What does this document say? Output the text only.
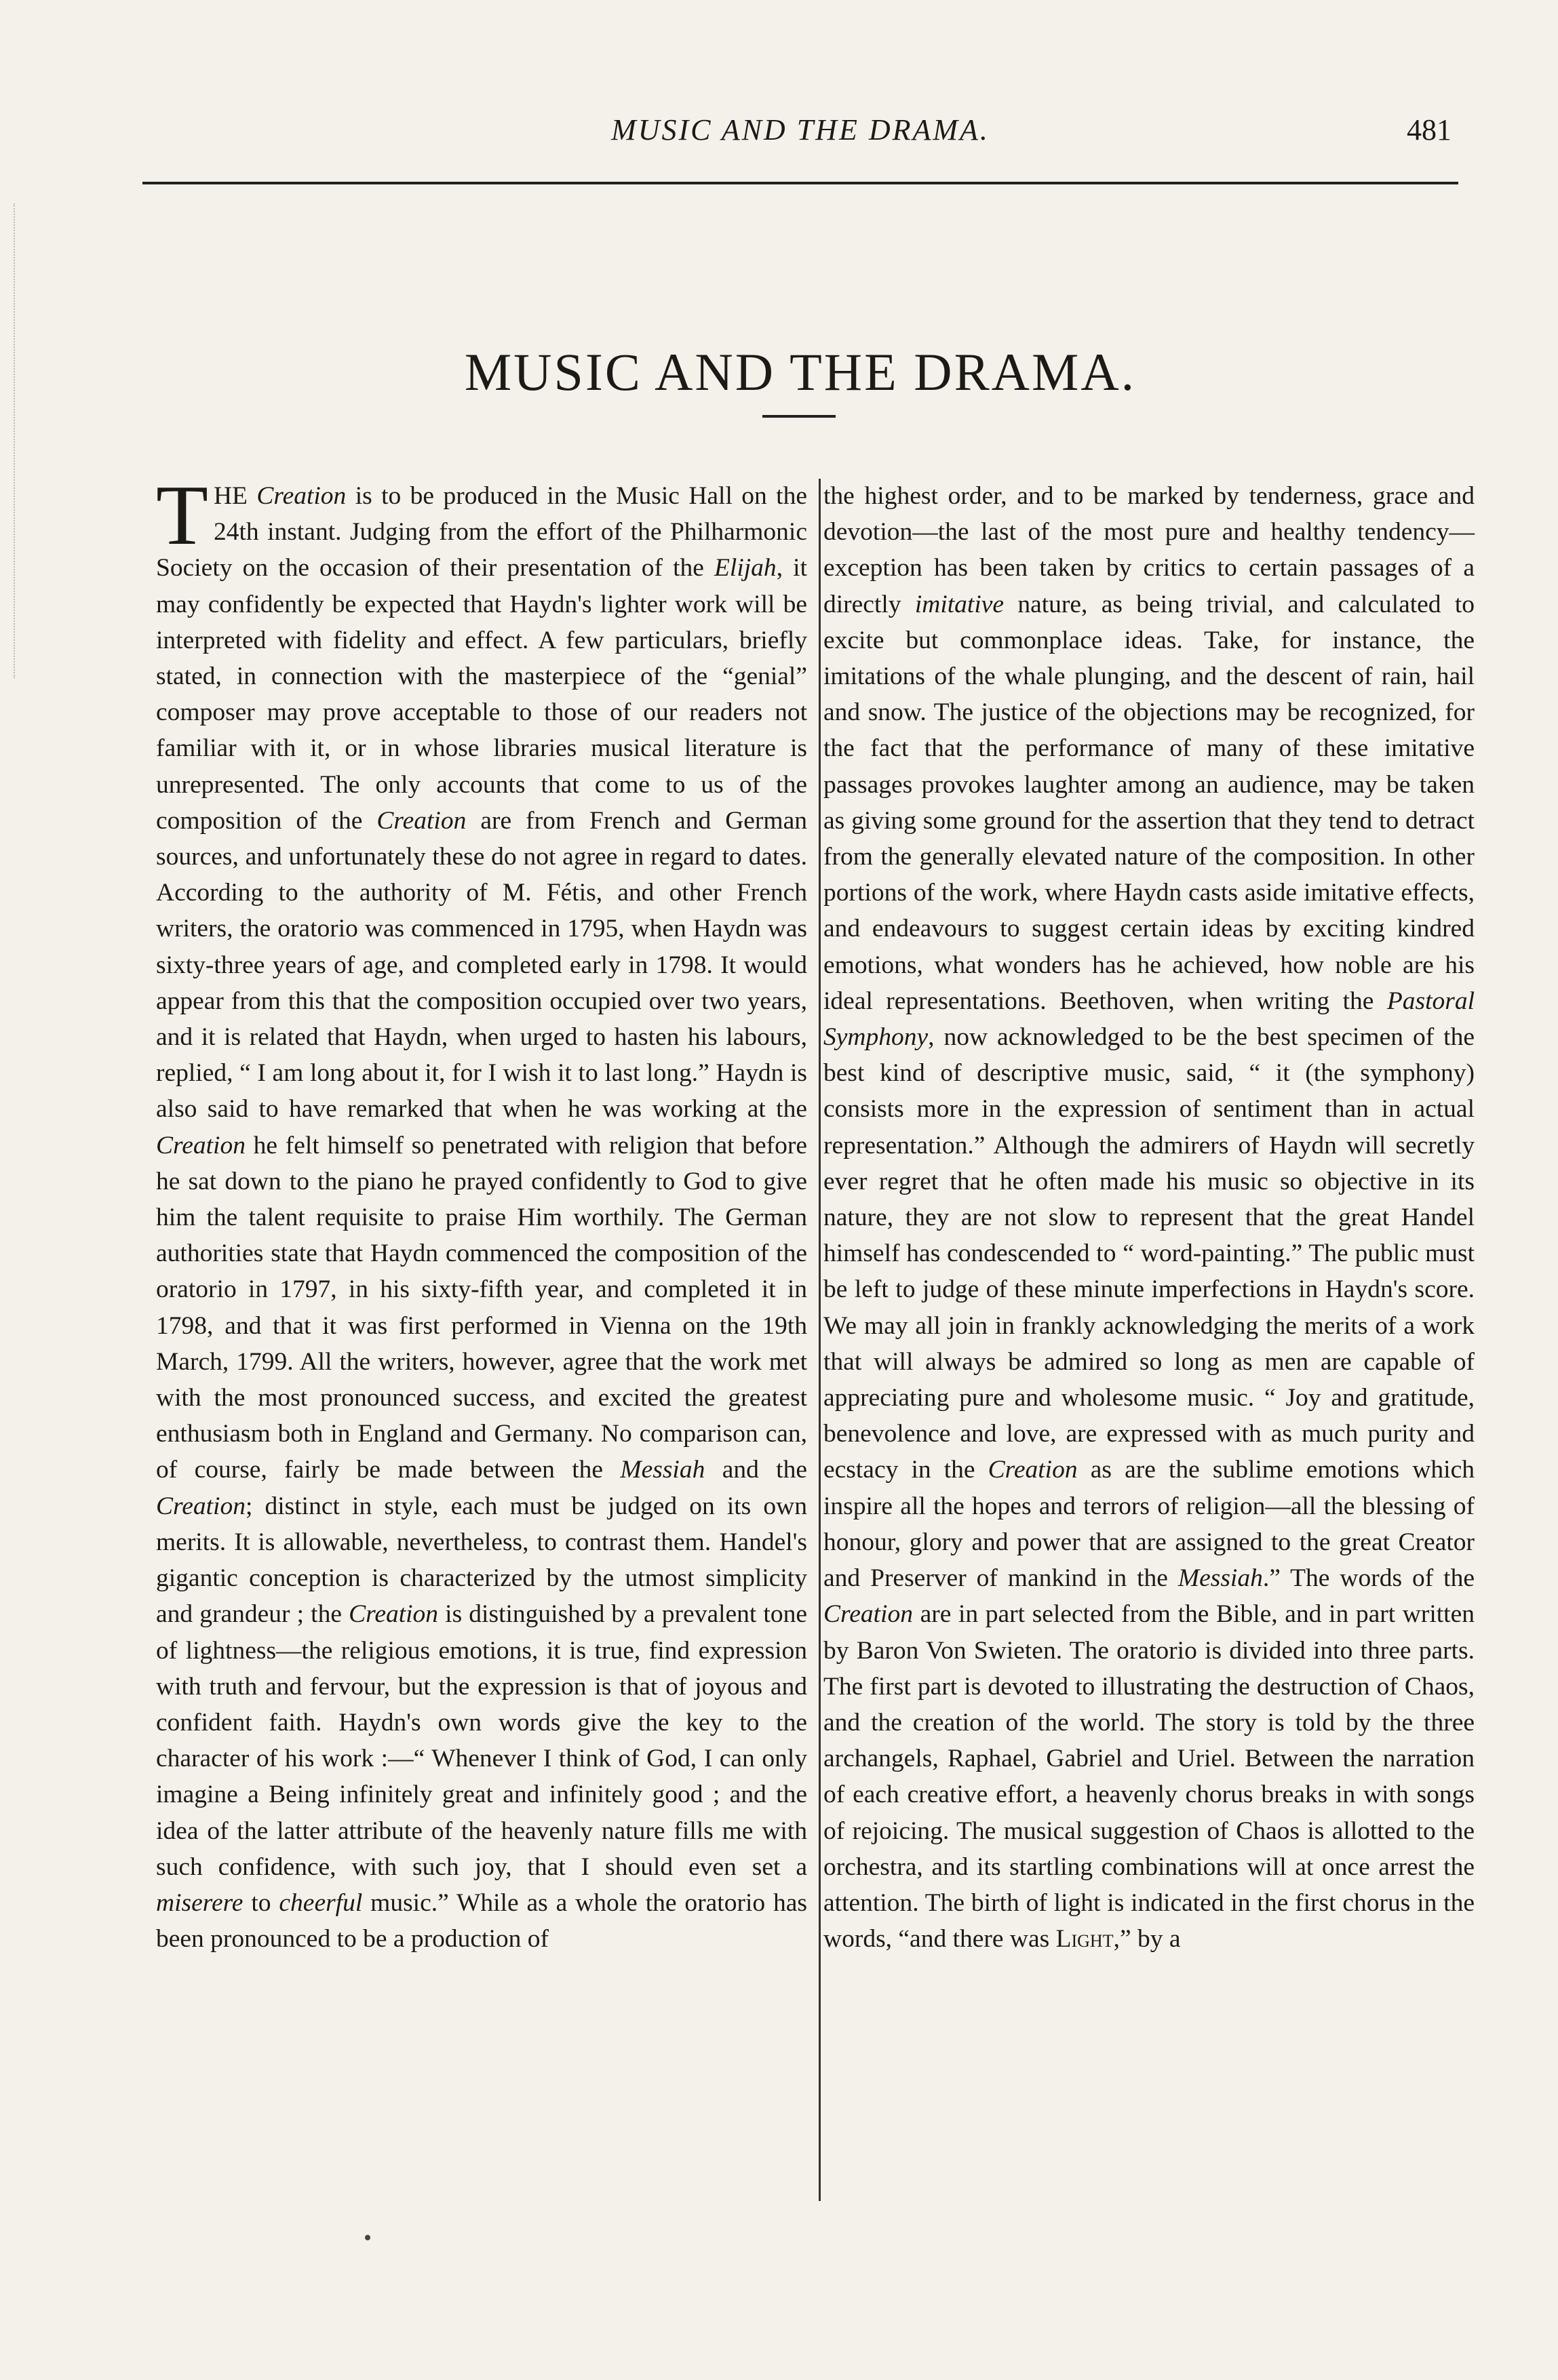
MUSIC AND THE DRAMA.	481
MUSIC AND THE DRAMA.
THE Creation is to be produced in the Music Hall on the 24th instant. Judging from the effort of the Philharmonic Society on the occasion of their presentation of the Elijah, it may confidently be expected that Haydn's lighter work will be interpreted with fidelity and effect. A few particulars, briefly stated, in connection with the masterpiece of the “genial” composer may prove acceptable to those of our readers not familiar with it, or in whose libraries musical literature is unrepresented. The only accounts that come to us of the composition of the Creation are from French and German sources, and unfortunately these do not agree in regard to dates. According to the authority of M. Fétis, and other French writers, the oratorio was commenced in 1795, when Haydn was sixty-three years of age, and completed early in 1798. It would appear from this that the composition occupied over two years, and it is related that Haydn, when urged to hasten his labours, replied, “ I am long about it, for I wish it to last long.” Haydn is also said to have remarked that when he was working at the Creation he felt himself so penetrated with religion that before he sat down to the piano he prayed confidently to God to give him the talent requisite to praise Him worthily. The German authorities state that Haydn commenced the composition of the oratorio in 1797, in his sixty-fifth year, and completed it in 1798, and that it was first performed in Vienna on the 19th March, 1799. All the writers, however, agree that the work met with the most pronounced success, and excited the greatest enthusiasm both in England and Germany. No comparison can, of course, fairly be made between the Messiah and the Creation; distinct in style, each must be judged on its own merits. It is allowable, nevertheless, to contrast them. Handel's gigantic conception is characterized by the utmost simplicity and grandeur ; the Creation is distinguished by a prevalent tone of lightness—the religious emotions, it is true, find expression with truth and fervour, but the expression is that of joyous and confident faith. Haydn's own words give the key to the character of his work :—“ Whenever I think of God, I can only imagine a Being infinitely great and infinitely good ; and the idea of the latter attribute of the heavenly nature fills me with such confidence, with such joy, that I should even set a miserere to cheerful music.” While as a whole the oratorio has been pronounced to be a production of
the highest order, and to be marked by tenderness, grace and devotion—the last of the most pure and healthy tendency—exception has been taken by critics to certain passages of a directly imitative nature, as being trivial, and calculated to excite but commonplace ideas. Take, for instance, the imitations of the whale plunging, and the descent of rain, hail and snow. The justice of the objections may be recognized, for the fact that the performance of many of these imitative passages provokes laughter among an audience, may be taken as giving some ground for the assertion that they tend to detract from the generally elevated nature of the composition. In other portions of the work, where Haydn casts aside imitative effects, and endeavours to suggest certain ideas by exciting kindred emotions, what wonders has he achieved, how noble are his ideal representations. Beethoven, when writing the Pastoral Symphony, now acknowledged to be the best specimen of the best kind of descriptive music, said, “ it (the symphony) consists more in the expression of sentiment than in actual representation.” Although the admirers of Haydn will secretly ever regret that he often made his music so objective in its nature, they are not slow to represent that the great Handel himself has condescended to “ word-painting.” The public must be left to judge of these minute imperfections in Haydn's score. We may all join in frankly acknowledging the merits of a work that will always be admired so long as men are capable of appreciating pure and wholesome music. “ Joy and gratitude, benevolence and love, are expressed with as much purity and ecstacy in the Creation as are the sublime emotions which inspire all the hopes and terrors of religion—all the blessing of honour, glory and power that are assigned to the great Creator and Preserver of mankind in the Messiah.” The words of the Creation are in part selected from the Bible, and in part written by Baron Von Swieten. The oratorio is divided into three parts. The first part is devoted to illustrating the destruction of Chaos, and the creation of the world. The story is told by the three archangels, Raphael, Gabriel and Uriel. Between the narration of each creative effort, a heavenly chorus breaks in with songs of rejoicing. The musical suggestion of Chaos is allotted to the orchestra, and its startling combinations will at once arrest the attention. The birth of light is indicated in the first chorus in the words, “and there was Light,” by a
